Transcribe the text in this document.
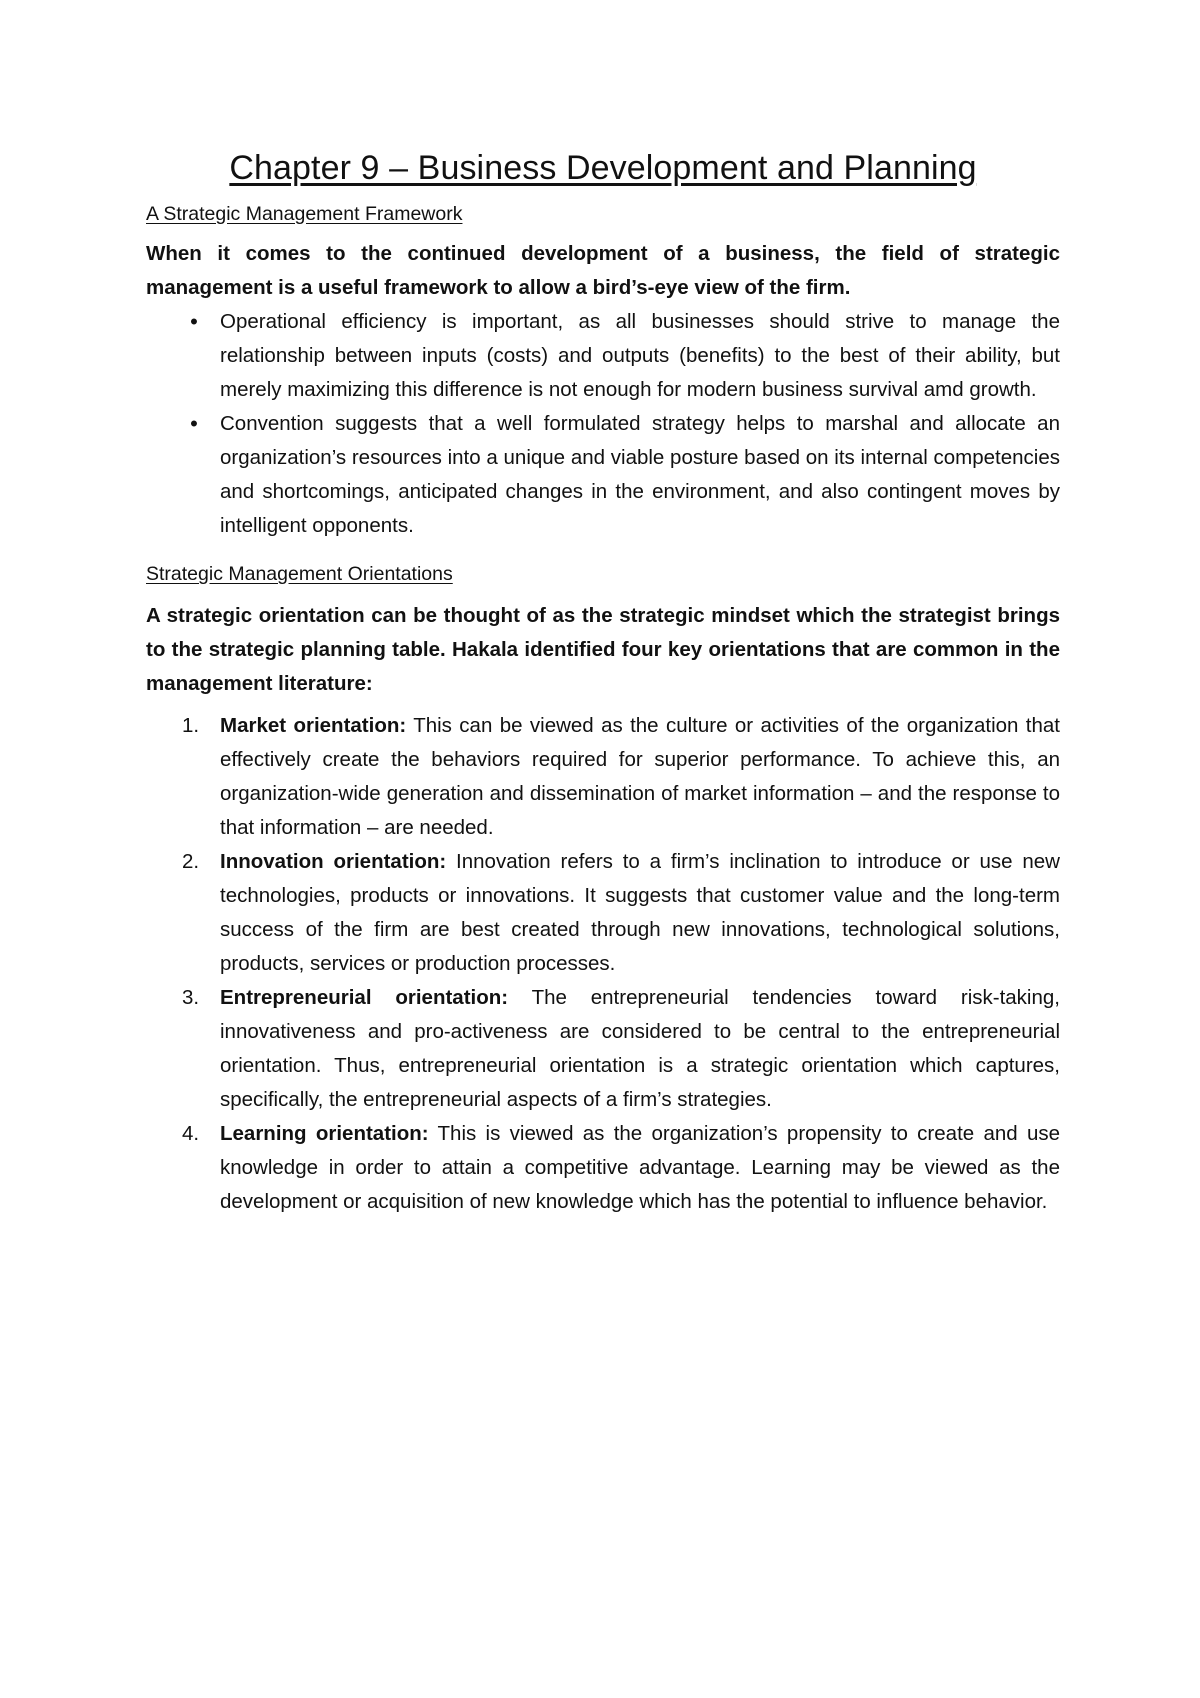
Chapter 9 – Business Development and Planning
A Strategic Management Framework

When it comes to the continued development of a business, the field of strategic management is a useful framework to allow a bird’s-eye view of the firm.

•	Operational efficiency is important, as all businesses should strive to manage the relationship between inputs (costs) and outputs (benefits) to the best of their ability, but merely maximizing this difference is not enough for modern business survival amd growth.
•	Convention suggests that a well formulated strategy helps to marshal and allocate an organization’s resources into a unique and viable posture based on its internal competencies and shortcomings, anticipated changes in the environment, and also contingent moves by intelligent opponents.
Strategic Management Orientations

A strategic orientation can be thought of as the strategic mindset which the strategist brings to the strategic planning table. Hakala identified four key orientations that are common in the management literature:

1. Market orientation: This can be viewed as the culture or activities of the organization that effectively create the behaviors required for superior performance. To achieve this, an organization-wide generation and dissemination of market information – and the response to that information – are needed.
2. Innovation orientation: Innovation refers to a firm’s inclination to introduce or use new technologies, products or innovations. It suggests that customer value and the long-term success of the firm are best created through new innovations, technological solutions, products, services or production processes.
3. Entrepreneurial orientation: The entrepreneurial tendencies toward risk-taking, innovativeness and pro-activeness are considered to be central to the entrepreneurial orientation. Thus, entrepreneurial orientation is a strategic orientation which captures, specifically, the entrepreneurial aspects of a firm’s strategies.
4. Learning orientation: This is viewed as the organization’s propensity to create and use knowledge in order to attain a competitive advantage. Learning may be viewed as the development or acquisition of new knowledge which has the potential to influence behavior.
